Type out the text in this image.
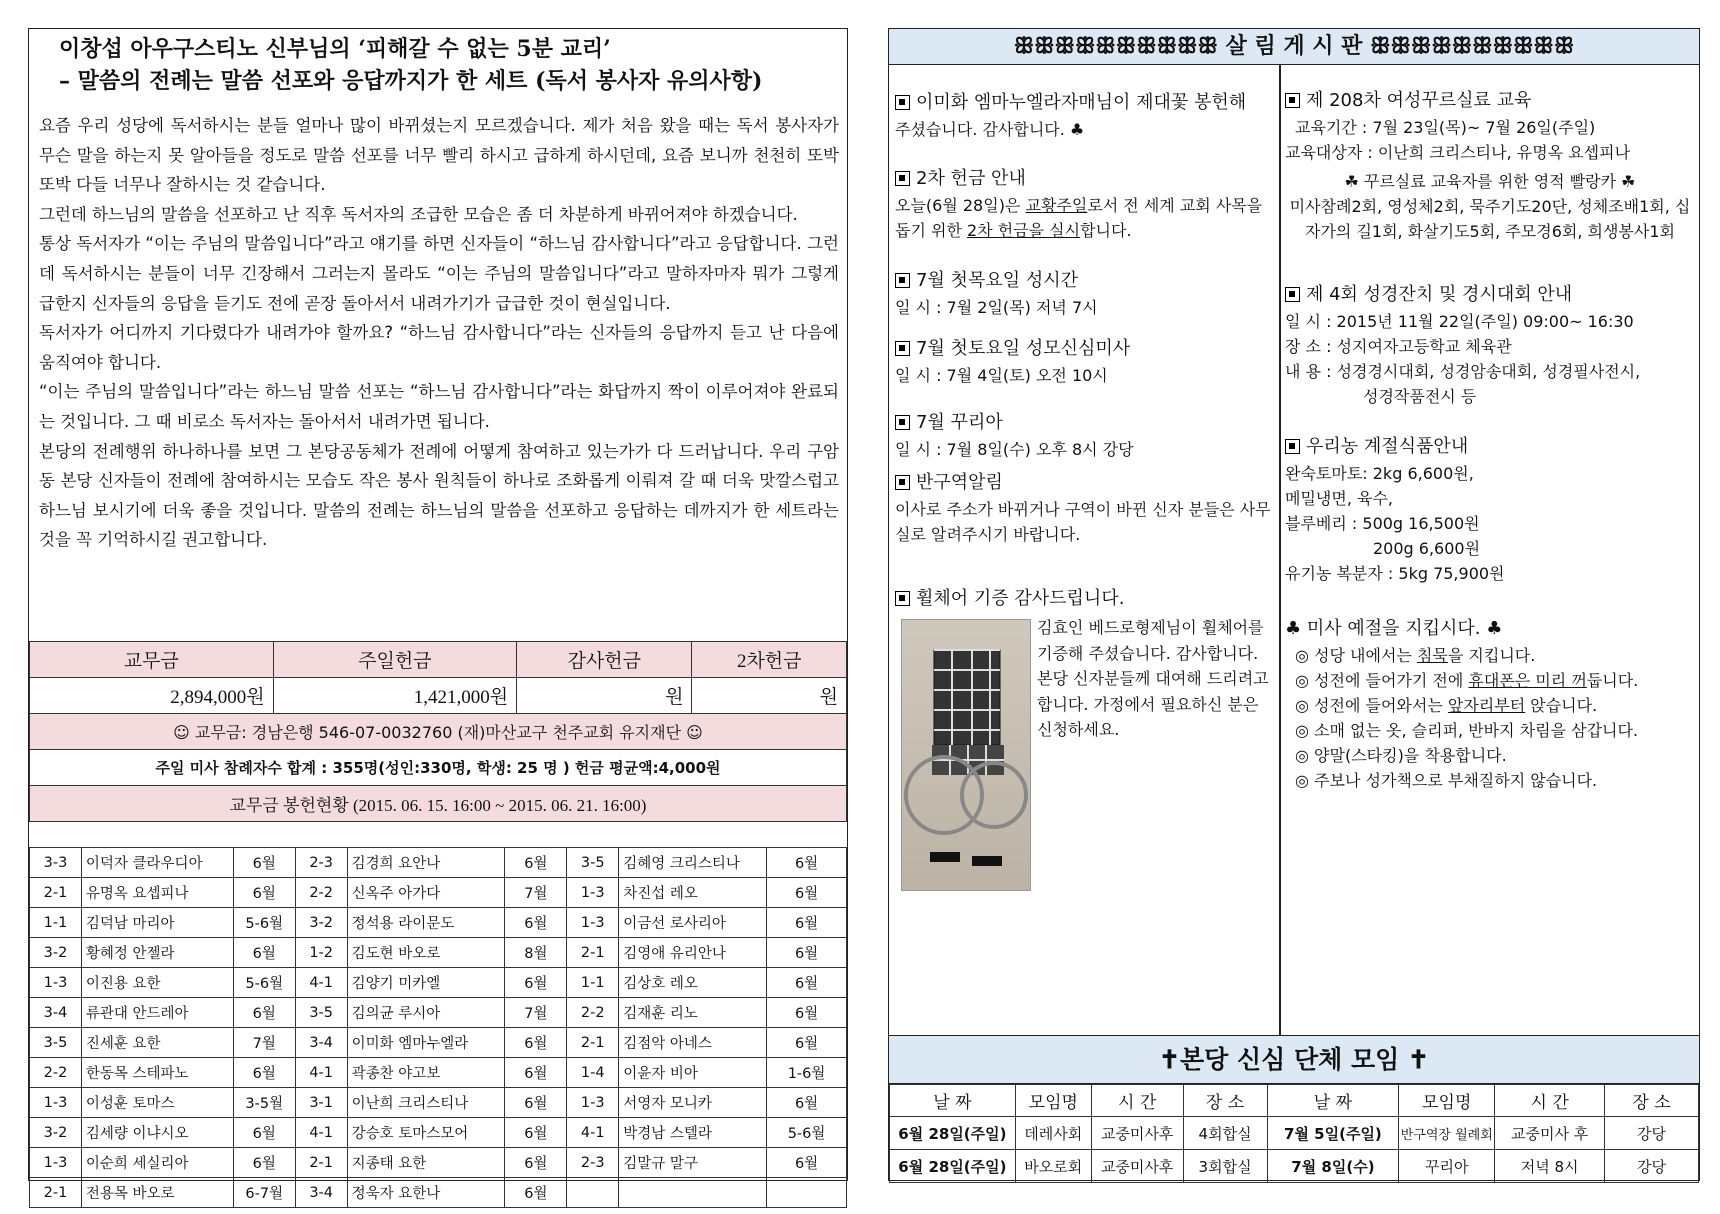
이창섭 아우구스티노 신부님의 ‘피해갈 수 없는 5분 교리’
– 말씀의 전례는 말씀 선포와 응답까지가 한 세트 (독서 봉사자 유의사항)

요즘 우리 성당에 독서하시는 분들 얼마나 많이 바뀌셨는지 모르겠습니다. 제가 처음 왔을 때는 독서 봉사자가 무슨 말을 하는지 못 알아들을 정도로 말씀 선포를 너무 빨리 하시고 급하게 하시던데, 요즘 보니까 천천히 또박또박 다들 너무나 잘하시는 것 같습니다.

그런데 하느님의 말씀을 선포하고 난 직후 독서자의 조급한 모습은 좀 더 차분하게 바뀌어져야 하겠습니다.

통상 독서자가 “이는 주님의 말씀입니다”라고 얘기를 하면 신자들이 “하느님 감사합니다”라고 응답합니다. 그런데 독서하시는 분들이 너무 긴장해서 그러는지 몰라도 “이는 주님의 말씀입니다”라고 말하자마자 뭐가 그렇게 급한지 신자들의 응답을 듣기도 전에 곧장 돌아서서 내려가기가 급급한 것이 현실입니다.

독서자가 어디까지 기다렸다가 내려가야 할까요? “하느님 감사합니다”라는 신자들의 응답까지 듣고 난 다음에 움직여야 합니다.

“이는 주님의 말씀입니다”라는 하느님 말씀 선포는 “하느님 감사합니다”라는 화답까지 짝이 이루어져야 완료되는 것입니다. 그 때 비로소 독서자는 돌아서서 내려가면 됩니다.

본당의 전례행위 하나하나를 보면 그 본당공동체가 전례에 어떻게 참여하고 있는가가 다 드러납니다. 우리 구암동 본당 신자들이 전례에 참여하시는 모습도 작은 봉사 원칙들이 하나로 조화롭게 이뤄져 갈 때 더욱 맛깔스럽고 하느님 보시기에 더욱 좋을 것입니다. 말씀의 전례는 하느님의 말씀을 선포하고 응답하는 데까지가 한 세트라는 것을 꼭 기억하시길 권고합니다.

교무금	주일헌금	감사헌금	2차헌금
2,894,000원	1,421,000원	원	원
☺ 교무금: 경남은행 546-07-0032760 (재)마산교구 천주교회 유지재단 ☺			
주일 미사 참례자수 합계 : 355명(성인:330명, 학생: 25 명 ) 헌금 평균액:4,000원			
교무금 봉헌현황 (2015. 06. 15. 16:00 ~ 2015. 06. 21. 16:00)			
3-3	이덕자 클라우디아	6월	2-3	김경희 요안나	6월	3-5	김혜영 크리스티나	6월
2-1	유명옥 요셉피나	6월	2-2	신옥주 아가다	7월	1-3	차진섭 레오	6월
1-1	김덕남 마리아	5-6월	3-2	정석용 라이문도	6월	1-3	이금선 로사리아	6월
3-2	황혜정 안젤라	6월	1-2	김도현 바오로	8월	2-1	김영애 유리안나	6월
1-3	이진용 요한	5-6월	4-1	김양기 미카엘	6월	1-1	김상호 레오	6월
3-4	류관대 안드레아	6월	3-5	김의균 루시아	7월	2-2	김재훈 리노	6월
3-5	진세훈 요한	7월	3-4	이미화 엠마누엘라	6월	2-1	김점악 아네스	6월
2-2	한동목 스테파노	6월	4-1	곽종찬 야고보	6월	1-4	이윤자 비아	1-6월
1-3	이성훈 토마스	3-5월	3-1	이난희 크리스티나	6월	1-3	서영자 모니카	6월
3-2	김세량 이냐시오	6월	4-1	강승호 토마스모어	6월	4-1	박경남 스텔라	5-6월
1-3	이순희 세실리아	6월	2-1	지종태 요한	6월	2-3	김말규 말구	6월
2-1	전용목 바오로	6-7월	3-4	정욱자 요한나	6월			
ꕥꕥꕥꕥꕥꕥꕥꕥꕥꕥ 살 림 게 시 판 ꕥꕥꕥꕥꕥꕥꕥꕥꕥꕥ
이미화 엠마누엘라자매님이 제대꽃 봉헌해
주셨습니다. 감사합니다. ♣
2차 헌금 안내
오늘(6월 28일)은 교황주일로서 전 세계 교회 사목을 돕기 위한 2차 헌금을 실시합니다.
7월 첫목요일 성시간
일 시 : 7월 2일(목) 저녁 7시
7월 첫토요일 성모신심미사
일 시 : 7월 4일(토) 오전 10시
7월 꾸리아
일 시 : 7월 8일(수) 오후 8시 강당
반구역알림
이사로 주소가 바뀌거나 구역이 바뀐 신자 분들은 사무실로 알려주시기 바랍니다.
휠체어 기증 감사드립니다.
김효인 베드로형제님이 휠체어를 기증해 주셨습니다. 감사합니다. 본당 신자분들께 대여해 드리려고 합니다. 가정에서 필요하신 분은 신청하세요.
제 208차 여성꾸르실료 교육
교육기간 : 7월 23일(목)~ 7월 26일(주일)
교육대상자 : 이난희 크리스티나, 유명옥 요셉피나
☘ 꾸르실료 교육자를 위한 영적 빨랑카 ☘
미사참례2회, 영성체2회, 묵주기도20단, 성체조배1회, 십자가의 길1회, 화살기도5회, 주모경6회, 희생봉사1회
제 4회 성경잔치 및 경시대회 안내
일 시 : 2015년 11월 22일(주일) 09:00~ 16:30
장 소 : 성지여자고등학교 체육관
내 용 : 성경경시대회, 성경암송대회, 성경필사전시,
성경작품전시 등
우리농 계절식품안내
완숙토마토: 2kg 6,600원,
메밀냉면, 육수,
블루베리 : 500g 16,500원
200g 6,600원
유기농 복분자 : 5kg 75,900원
♣ 미사 예절을 지킵시다. ♣
◎ 성당 내에서는 침묵을 지킵니다.
◎ 성전에 들어가기 전에 휴대폰은 미리 꺼둡니다.
◎ 성전에 들어와서는 앞자리부터 앉습니다.
◎ 소매 없는 옷, 슬리퍼, 반바지 차림을 삼갑니다.
◎ 양말(스타킹)을 착용합니다.
◎ 주보나 성가책으로 부채질하지 않습니다.
✝본당 신심 단체 모임 ✝
날 짜	모임명	시 간	장 소	날 짜	모임명	시 간	장 소
6월 28일(주일)	데레사회	교중미사후	4회합실	7월 5일(주일)	반구역장 월례회	교중미사 후	강당
6월 28일(주일)	바오로회	교중미사후	3회합실	7월 8일(수)	꾸리아	저녁 8시	강당
